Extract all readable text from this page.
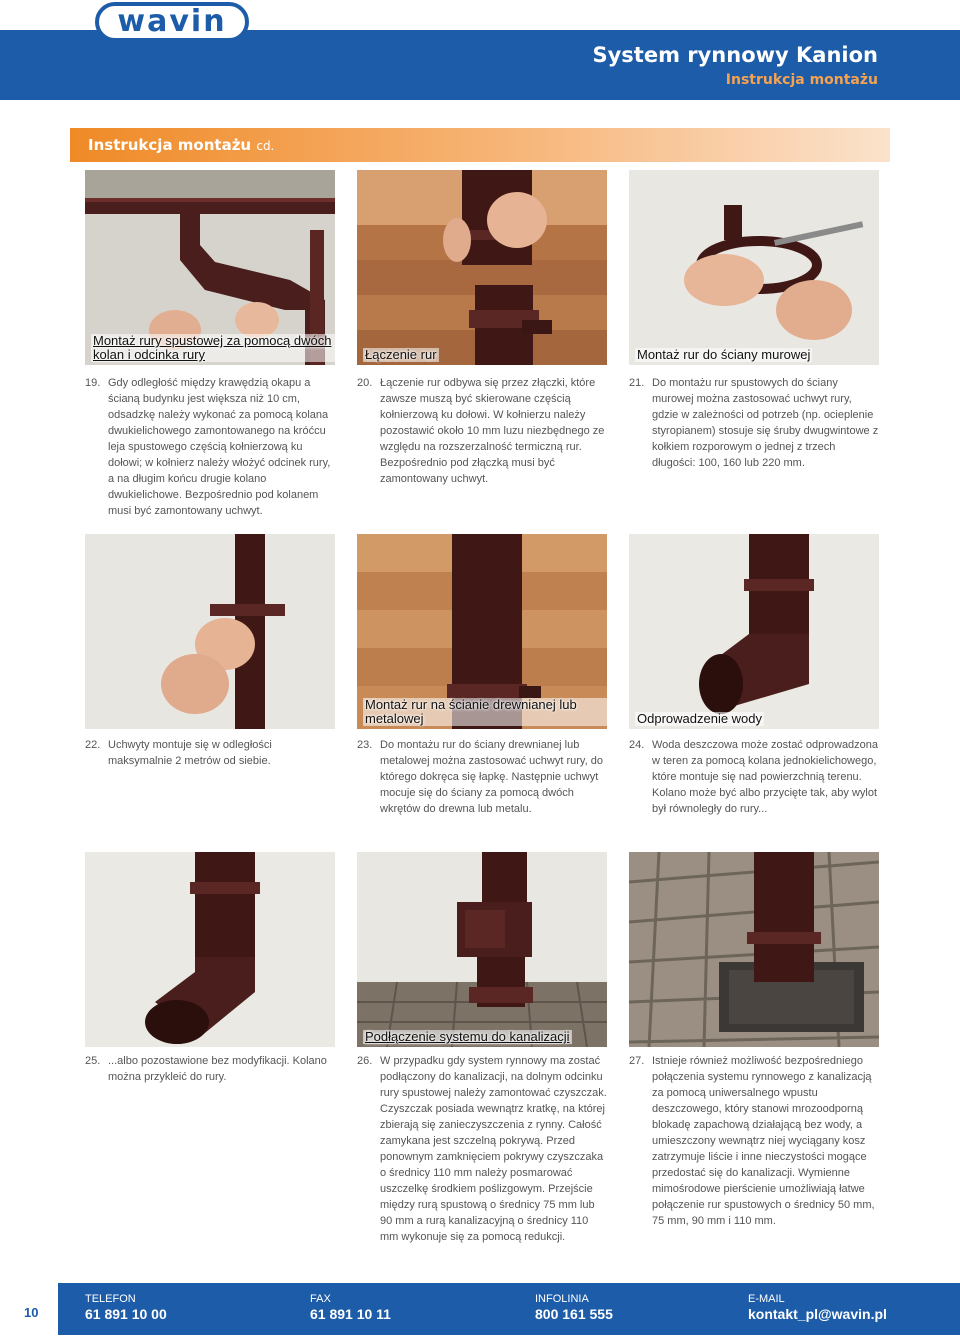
wavin
System rynnowy Kanion
Instrukcja montażu
Instrukcja montażu cd.
Montaż rury spustowej za pomocą dwóch kolan i odcinka rury	Łączenie rur	Montaż rur do ściany murowej
19. Gdy odległość między krawędzią okapu a ścianą budynku jest większa niż 10 cm, odsadzkę należy wykonać za pomocą kolana dwukielichowego zamontowanego na króćcu leja spustowego częścią kołnierzową ku dołowi; w kołnierz należy włożyć odcinek rury, a na długim końcu drugie kolano dwukielichowe. Bezpośrednio pod kolanem musi być zamontowany uchwyt.
20. Łączenie rur odbywa się przez złączki, które zawsze muszą być skierowane częścią kołnierzową ku dołowi. W kołnierzu należy pozostawić około 10 mm luzu niezbędnego ze względu na rozszerzalność termiczną rur. Bezpośrednio pod złączką musi być zamontowany uchwyt.
21. Do montażu rur spustowych do ściany murowej można zastosować uchwyt rury, gdzie w zależności od potrzeb (np. ocieplenie styropianem) stosuje się śruby dwugwintowe z kołkiem rozporowym o jednej z trzech długości: 100, 160 lub 220 mm.
Montaż rur na ścianie drewnianej lub metalowej	Odprowadzenie wody
22. Uchwyty montuje się w odległości maksymalnie 2 metrów od siebie.
23. Do montażu rur do ściany drewnianej lub metalowej można zastosować uchwyt rury, do którego dokręca się łapkę. Następnie uchwyt mocuje się do ściany za pomocą dwóch wkrętów do drewna lub metalu.
24. Woda deszczowa może zostać odprowadzona w teren za pomocą kolana jednokielichowego, które montuje się nad powierzchnią terenu. Kolano może być albo przycięte tak, aby wylot był równoległy do rury...
Podłączenie systemu do kanalizacji
25. ...albo pozostawione bez modyfikacji. Kolano można przykleić do rury.
26. W przypadku gdy system rynnowy ma zostać podłączony do kanalizacji, na dolnym odcinku rury spustowej należy zamontować czyszczak. Czyszczak posiada wewnątrz kratkę, na której zbierają się zanieczyszczenia z rynny. Całość zamykana jest szczelną pokrywą. Przed ponownym zamknięciem pokrywy czyszczaka o średnicy 110 mm należy posmarować uszczelkę środkiem poślizgowym. Przejście między rurą spustową o średnicy 75 mm lub 90 mm a rurą kanalizacyjną o średnicy 110 mm wykonuje się za pomocą redukcji.
27. Istnieje również możliwość bezpośredniego połączenia systemu rynnowego z kanalizacją za pomocą uniwersalnego wpustu deszczowego, który stanowi mrozoodporną blokadę zapachową działającą bez wody, a umieszczony wewnątrz niej wyciągany kosz zatrzymuje liście i inne nieczystości mogące przedostać się do kanalizacji. Wymienne mimośrodowe pierścienie umożliwiają łatwe połączenie rur spustowych o średnicy 50 mm, 75 mm, 90 mm i 110 mm.
10
TELEFON
61 891 10 00
FAX
61 891 10 11
INFOLINIA
800 161 555
E-MAIL
kontakt_pl@wavin.pl
